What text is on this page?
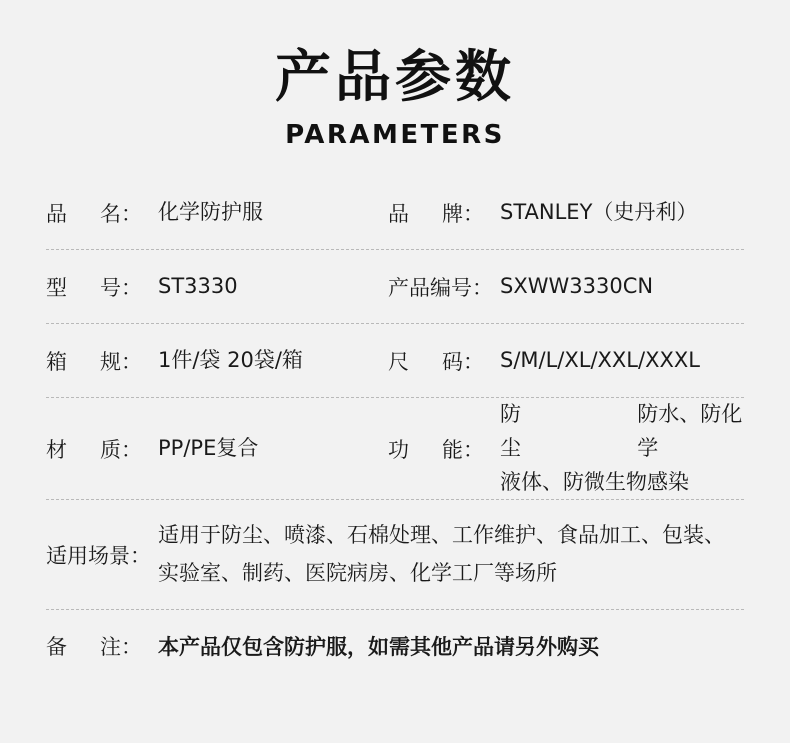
产品参数
PARAMETERS
品 名： 化学防护服	品 牌： STANLEY（史丹利）
型 号： ST3330	产品编号： SXWW3330CN
箱 规： 1件/袋 20袋/箱	尺 码： S/M/L/XL/XXL/XXXL
材 质： PP/PE复合	功 能：
防尘
防水、防化学
液体、防微生物感染
适用场景：
适用于防尘、喷漆、石棉处理、工作维护、食品加工、包装、
实验室、制药、医院病房、化学工厂等场所
备 注： 本产品仅包含防护服，如需其他产品请另外购买
